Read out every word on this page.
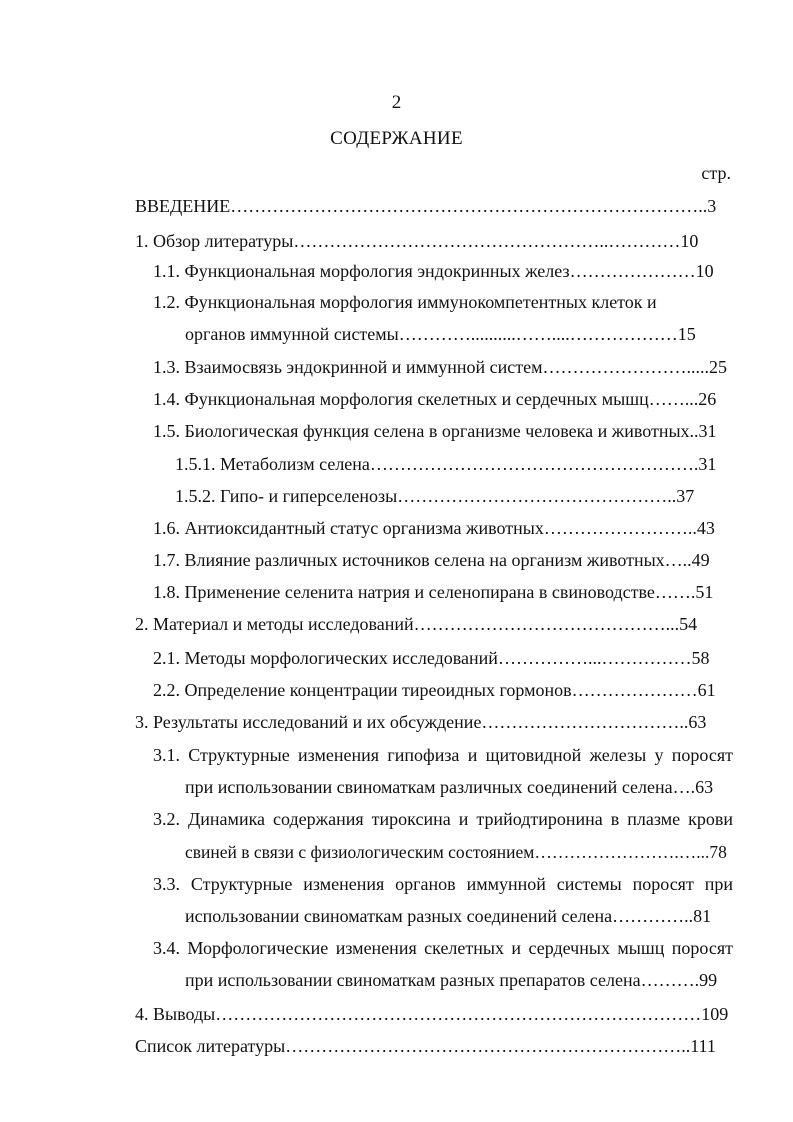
2
СОДЕРЖАНИЕ
стр.
ВВЕДЕНИЕ……………………………………………………………………..3
1. Обзор литературы……………………………………………..…………10
1.1. Функциональная морфология эндокринных желез…………………10
1.2. Функциональная морфология иммунокомпетентных клеток и
органов иммунной системы…………..........……....………………15
1.3. Взаимосвязь эндокринной и иммунной систем…………………….....25
1.4. Функциональная морфология скелетных и сердечных мышц……...26
1.5. Биологическая функция селена в организме человека и животных..31
1.5.1. Метаболизм селена……………………………………………….31
1.5.2. Гипо- и гиперселенозы………………………………………..37
1.6. Антиоксидантный статус организма животных……………………..43
1.7. Влияние различных источников селена на организм животных…..49
1.8. Применение селенита натрия и селенопирана в свиноводстве…….51
2. Материал и методы исследований……………………………………...54
2.1. Методы морфологических исследований……………...……………58
2.2. Определение концентрации тиреоидных гормонов…………………61
3. Результаты исследований и их обсуждение……………………………..63
3.1. Структурные изменения гипофиза и щитовидной железы у поросят
при использовании свиноматкам различных соединений селена….63
3.2. Динамика содержания тироксина и трийодтиронина в плазме крови
свиней в связи с физиологическим состоянием…………………….…...78
3.3. Структурные изменения органов иммунной системы поросят при
использовании свиноматкам разных соединений селена…………..81
3.4. Морфологические изменения скелетных и сердечных мышц поросят
при использовании свиноматкам разных препаратов селена……….99
4. Выводы………………………………………………………………………109
Список литературы…………………………………………………………..111
